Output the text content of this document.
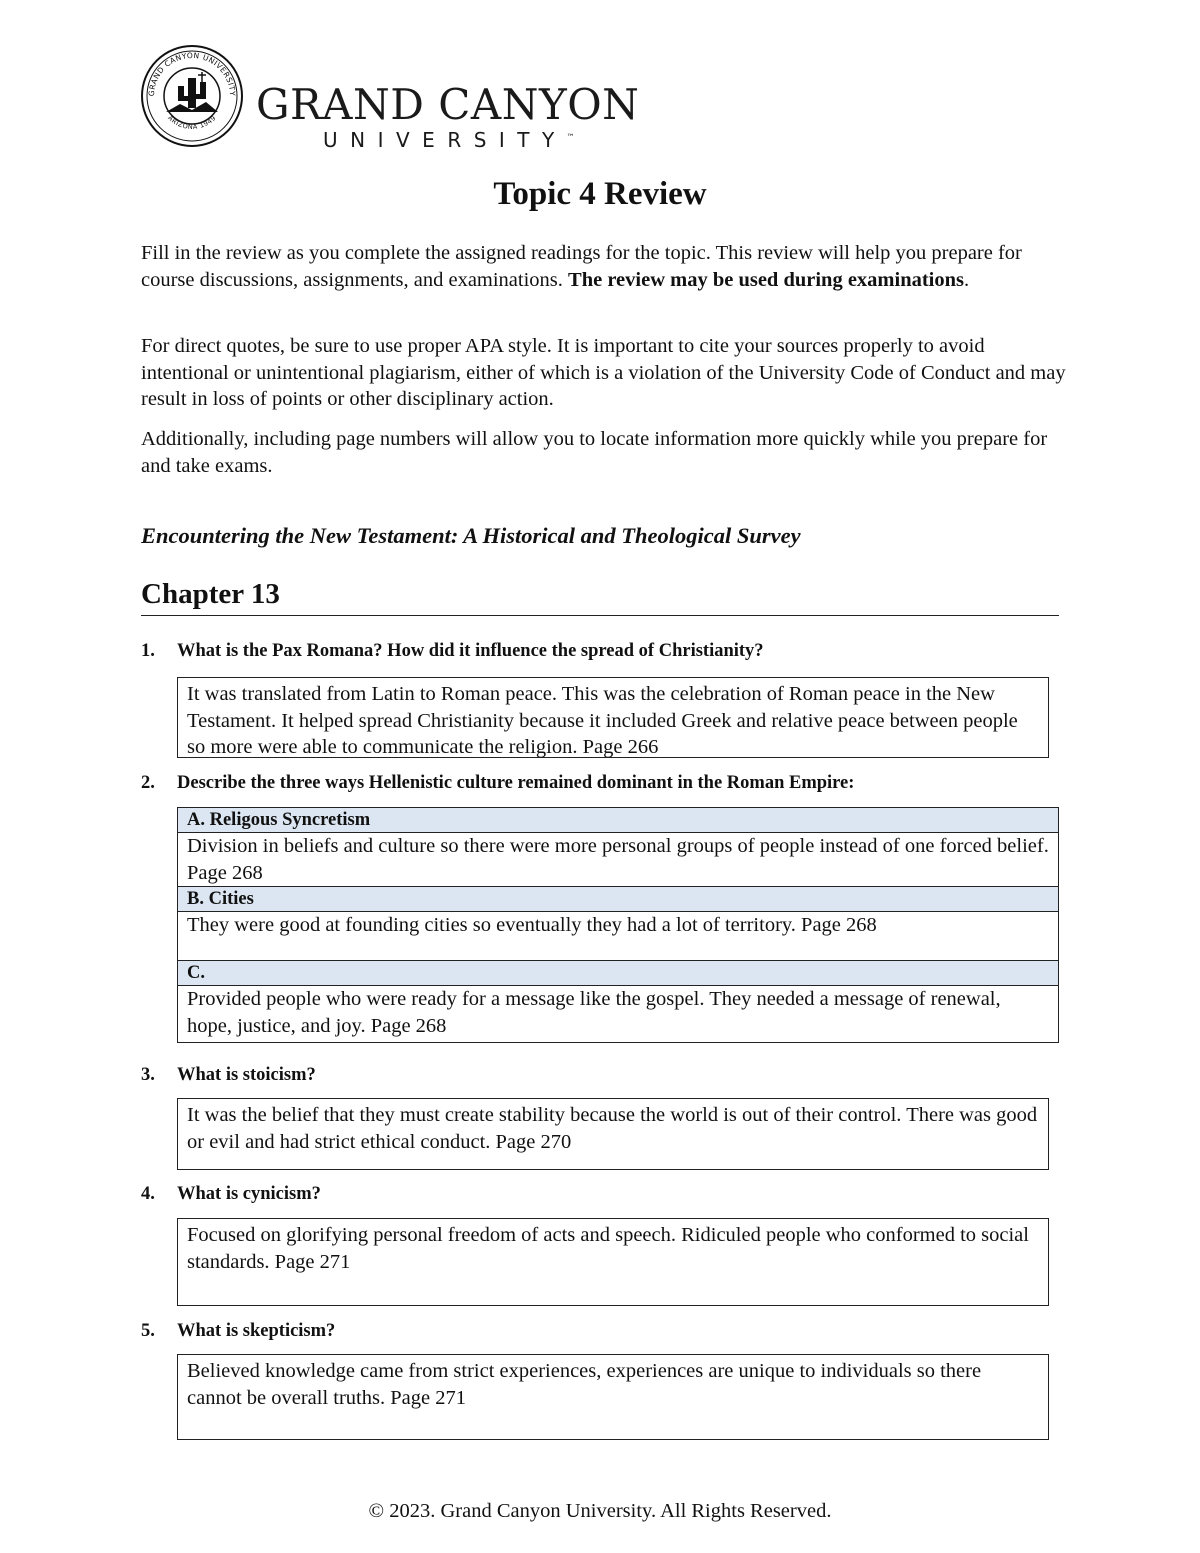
GRAND CANYON UNIVERSITY
ARIZONA 1949 GRAND CANYON
UNIVERSITY™
Topic 4 Review

Fill in the review as you complete the assigned readings for the topic. This review will help you prepare for course discussions, assignments, and examinations. The review may be used during examinations.

For direct quotes, be sure to use proper APA style. It is important to cite your sources properly to avoid intentional or unintentional plagiarism, either of which is a violation of the University Code of Conduct and may result in loss of points or other disciplinary action.

Additionally, including page numbers will allow you to locate information more quickly while you prepare for and take exams.

Encountering the New Testament: A Historical and Theological Survey

Chapter 13

1. What is the Pax Romana? How did it influence the spread of Christianity?

It was translated from Latin to Roman peace. This was the celebration of Roman peace in the New Testament. It helped spread Christianity because it included Greek and relative peace between people so more were able to communicate the religion. Page 266

2. Describe the three ways Hellenistic culture remained dominant in the Roman Empire:

A. Religous Syncretism
Division in beliefs and culture so there were more personal groups of people instead of one forced belief. Page 268
B. Cities
They were good at founding cities so eventually they had a lot of territory. Page 268
C.
Provided people who were ready for a message like the gospel. They needed a message of renewal, hope, justice, and joy. Page 268

3. What is stoicism?

It was the belief that they must create stability because the world is out of their control. There was good or evil and had strict ethical conduct. Page 270

4. What is cynicism?

Focused on glorifying personal freedom of acts and speech. Ridiculed people who conformed to social standards. Page 271

5. What is skepticism?

Believed knowledge came from strict experiences, experiences are unique to individuals so there cannot be overall truths. Page 271

© 2023. Grand Canyon University. All Rights Reserved.
